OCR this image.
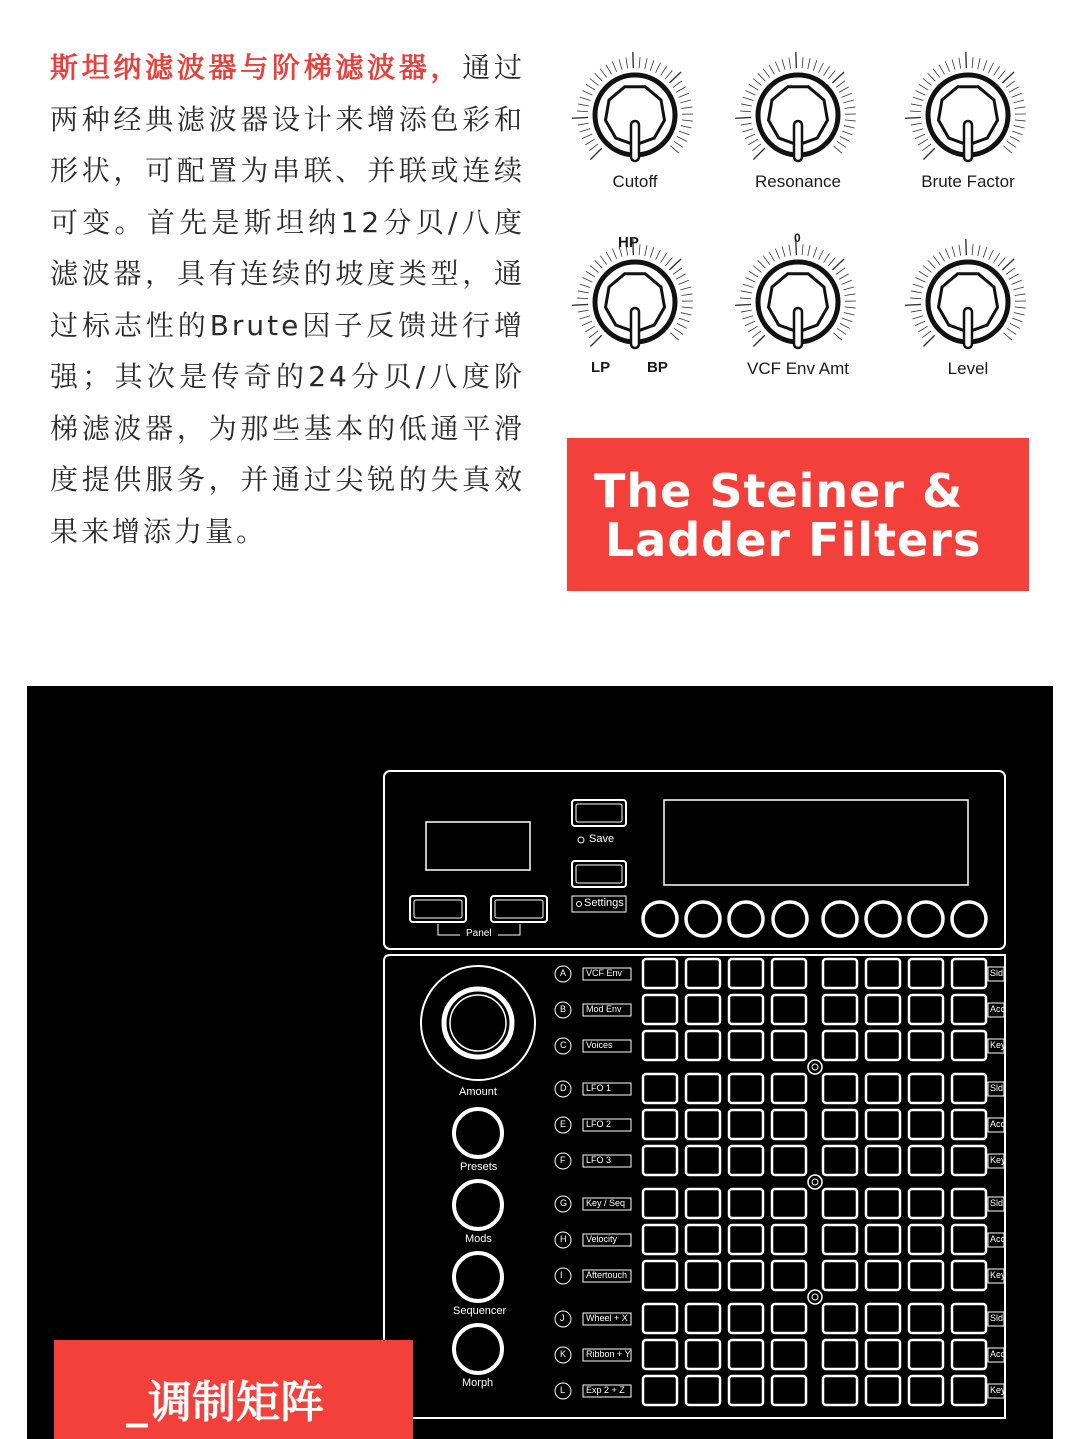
斯坦纳滤波器与阶梯滤波器，通过两种经典滤波器设计来增添色彩和形状，可配置为串联、并联或连续可变。首先是斯坦纳12分贝/八度滤波器，具有连续的坡度类型，通过标志性的Brute因子反馈进行增强；其次是传奇的24分贝/八度阶梯滤波器，为那些基本的低通平滑度提供服务，并通过尖锐的失真效果来增添力量。

Cutoff	Resonance	Brute Factor
VCF Env Amt	Level
HP
LP BP
0
The Steiner &
Ladder Filters
Save
Settings
Panel
Amount
Presets
Mods
Sequencer
Morph
A VCF Env	Sld
B Mod Env	Acc
C Voices	Key
D LFO 1	Sld
E LFO 2	Acc
F LFO 3	Key
G Key / Seq	Sld
H Velocity	Acc
I	Aftertouch	Key
J Wheel + X	Sld
K Ribbon + Y	Acc
L Exp 2 + Z	Key
_调制矩阵
